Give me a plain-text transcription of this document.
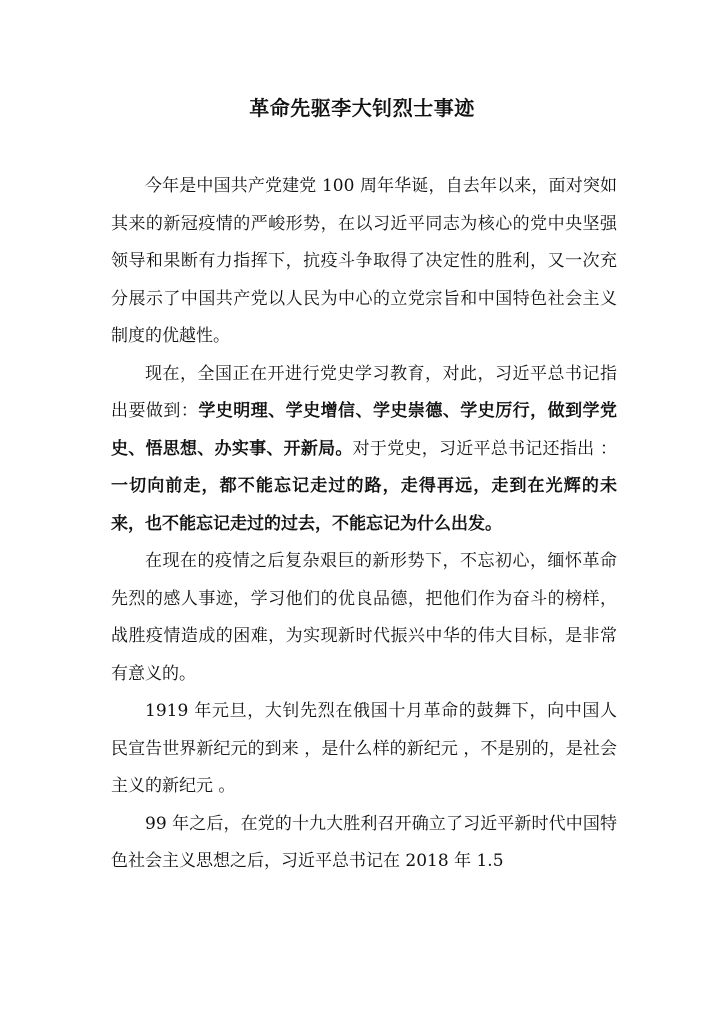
革命先驱李大钊烈士事迹

今年是中国共产党建党 100 周年华诞，自去年以来，面对突如其来的新冠疫情的严峻形势，在以习近平同志为核心的党中央坚强领导和果断有力指挥下，抗疫斗争取得了决定性的胜利，又一次充分展示了中国共产党以人民为中心的立党宗旨和中国特色社会主义制度的优越性。

现在，全国正在开进行党史学习教育，对此，习近平总书记指出要做到：学史明理、学史增信、学史崇德、学史厉行，做到学党史、悟思想、办实事、开新局。对于党史，习近平总书记还指出 ：一切向前走，都不能忘记走过的路，走得再远，走到在光辉的未来，也不能忘记走过的过去，不能忘记为什么出发。

在现在的疫情之后复杂艰巨的新形势下，不忘初心，缅怀革命先烈的感人事迹，学习他们的优良品德，把他们作为奋斗的榜样，战胜疫情造成的困难，为实现新时代振兴中华的伟大目标，是非常有意义的。

1919 年元旦，大钊先烈在俄国十月革命的鼓舞下，向中国人民宣告世界新纪元的到来 ，是什么样的新纪元 ，不是别的，是社会主义的新纪元 。

99 年之后，在党的十九大胜利召开确立了习近平新时代中国特色社会主义思想之后，习近平总书记在 2018 年 1.5
